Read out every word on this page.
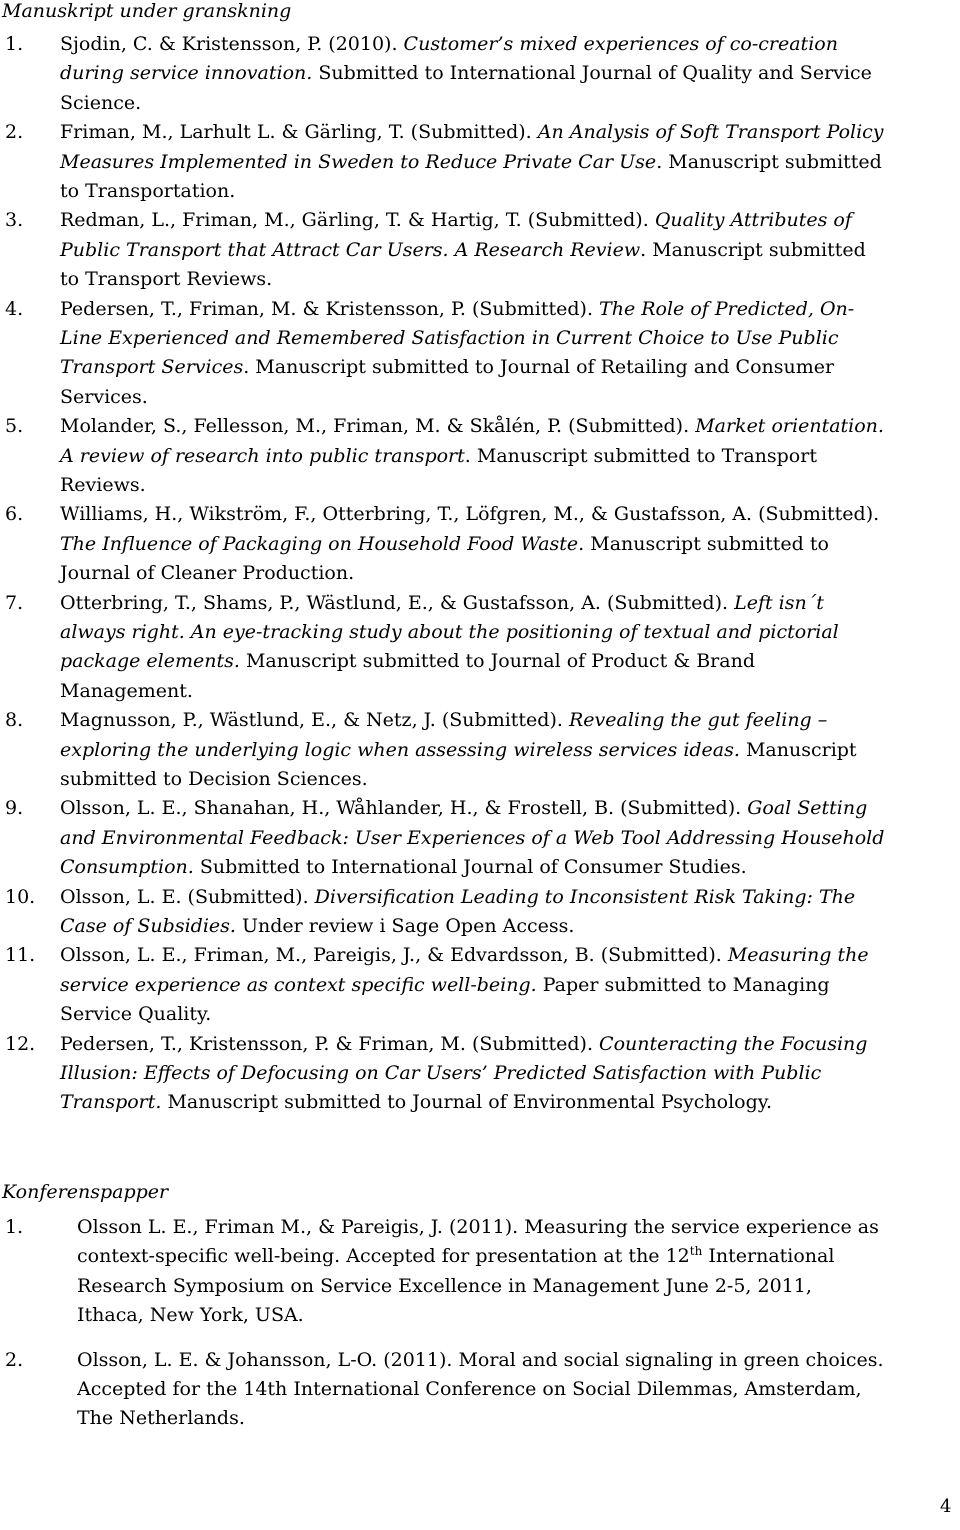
Manuskript under granskning
1. Sjodin, C. & Kristensson, P. (2010). Customer’s mixed experiences of co-creation
during service innovation. Submitted to International Journal of Quality and Service
Science.
2. Friman, M., Larhult L. & Gärling, T. (Submitted). An Analysis of Soft Transport Policy
Measures Implemented in Sweden to Reduce Private Car Use. Manuscript submitted
to Transportation.
3. Redman, L., Friman, M., Gärling, T. & Hartig, T. (Submitted). Quality Attributes of
Public Transport that Attract Car Users. A Research Review. Manuscript submitted
to Transport Reviews.
4. Pedersen, T., Friman, M. & Kristensson, P. (Submitted). The Role of Predicted, On-
Line Experienced and Remembered Satisfaction in Current Choice to Use Public
Transport Services. Manuscript submitted to Journal of Retailing and Consumer
Services.
5. Molander, S., Fellesson, M., Friman, M. & Skålén, P. (Submitted). Market orientation.
A review of research into public transport. Manuscript submitted to Transport
Reviews.
6. Williams, H., Wikström, F., Otterbring, T., Löfgren, M., & Gustafsson, A. (Submitted).
The Influence of Packaging on Household Food Waste. Manuscript submitted to
Journal of Cleaner Production.
7. Otterbring, T., Shams, P., Wästlund, E., & Gustafsson, A. (Submitted). Left isn´t
always right. An eye-tracking study about the positioning of textual and pictorial
package elements. Manuscript submitted to Journal of Product & Brand
Management.
8. Magnusson, P., Wästlund, E., & Netz, J. (Submitted). Revealing the gut feeling –
exploring the underlying logic when assessing wireless services ideas. Manuscript
submitted to Decision Sciences.
9. Olsson, L. E., Shanahan, H., Wåhlander, H., & Frostell, B. (Submitted). Goal Setting
and Environmental Feedback: User Experiences of a Web Tool Addressing Household
Consumption. Submitted to International Journal of Consumer Studies.
10. Olsson, L. E. (Submitted). Diversification Leading to Inconsistent Risk Taking: The
Case of Subsidies. Under review i Sage Open Access.
11. Olsson, L. E., Friman, M., Pareigis, J., & Edvardsson, B. (Submitted). Measuring the
service experience as context specific well-being. Paper submitted to Managing
Service Quality.
12. Pedersen, T., Kristensson, P. & Friman, M. (Submitted). Counteracting the Focusing
Illusion: Effects of Defocusing on Car Users’ Predicted Satisfaction with Public
Transport. Manuscript submitted to Journal of Environmental Psychology.
Konferenspapper
1.	Olsson L. E., Friman M., & Pareigis, J. (2011). Measuring the service experience as
context-specific well-being. Accepted for presentation at the 12th International
Research Symposium on Service Excellence in Management June 2-5, 2011,
Ithaca, New York, USA.
2.	Olsson, L. E. & Johansson, L-O. (2011). Moral and social signaling in green choices.
Accepted for the 14th International Conference on Social Dilemmas, Amsterdam,
The Netherlands.
4
